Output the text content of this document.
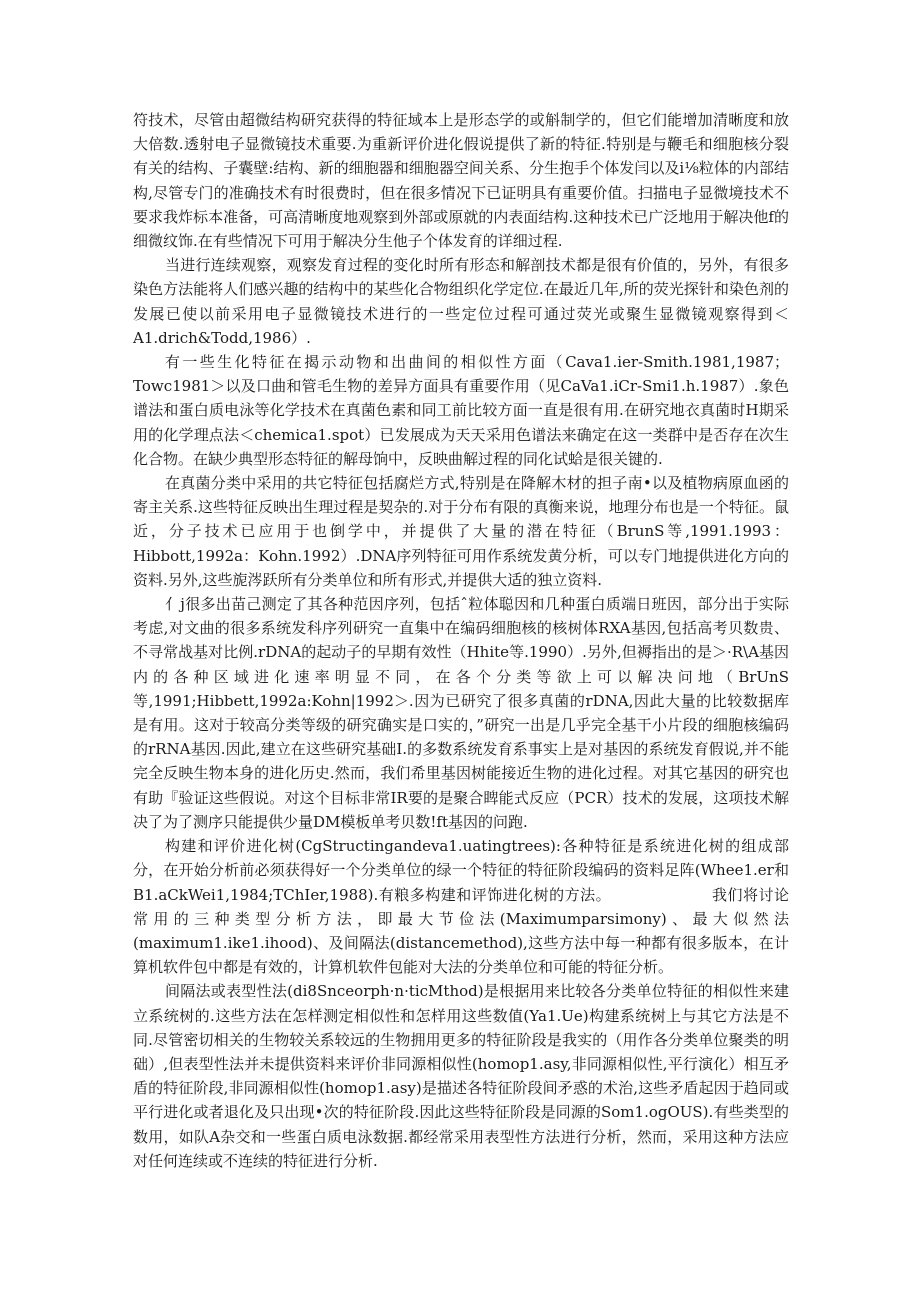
符技术，尽管由超微结构研究获得的特征域本上是形态学的或斛制学的，但它们能增加清晰度和放大倍数.透射电子显微镜技术重要.为重新评价进化假说提供了新的特征.特别是与鞭毛和细胞核分裂有关的结构、子囊壁:结构、新的细胞器和细胞器空间关系、分生抱手个体发闫以及i⅛粒体的内部结构,尽管专门的准确技术有时很费时，但在很多情况下已证明具有重要价值。扫描电子显微境技术不要求我炸标本准备，可高清晰度地观察到外部或原就的内表面结构.这种技术已广泛地用于解决他f的细微纹饰.在有些情况下可用于解决分生他子个体发育的详细过程.

当进行连续观察，观察发育过程的变化时所有形态和解剖技术都是很有价值的，另外，有很多染色方法能将人们感兴趣的结构中的某些化合物组织化学定位.在最近几年,所的荧光探针和染色剂的发展已使以前采用电子显微镜技术进行的一些定位过程可通过荧光或聚生显微镜观察得到＜A1.drich&Todd,1986）.

有一些生化特征在揭示动物和出曲间的相似性方面（Cava1.ier-Smith.1981,1987；Towc1981＞以及口曲和管毛生物的差异方面具有重要作用（见CaVa1.iCr-Smi1.h.1987）.象色谱法和蛋白质电泳等化学技术在真菌色素和同工前比较方面一直是很有用.在研究地衣真菌时H期采用的化学理点法＜chemica1.spot）已发展成为天天采用色谱法来确定在这一类群中是否存在次生化合物。在缺少典型形态特征的解母饷中，反映曲解过程的同化试蛤是很关键的.

在真菌分类中采用的共它特征包括腐烂方式,特别是在降解木材的担子南•以及植物病原血函的寄主关系.这些特征反映出生理过程是契杂的.对于分布有限的真衡来说，地理分布也是一个特征。鼠近，分子技术已应用于也倒学中，并提供了大量的潜在特征（BrunS等,1991.1993：Hibbott,1992a：Kohn.1992）.DNA序列特征可用作系统发黄分析，可以专门地提供进化方向的资料.另外,这些旎涔跃所有分类单位和所有形式,并提供大适的独立资料.

亻j很多出苗己测定了其各种范因序列，包括ˆ粒体聪因和几种蛋白质端日班因，部分出于实际考虑,对文曲的很多系统发科序列研究一直集中在编码细胞核的核树体RXA基因,包括高考贝数贵、不寻常战基对比例.rDNA的起动子的早期有效性（Hhite等.1990）.另外,但褥指出的是＞·R\A基因内的各种区域进化速率明显不同，在各个分类等欲上可以解决问地（BrUnS等,1991;Hibbett,1992a:Kohn|1992＞.因为已研究了很多真菌的rDNA,因此大量的比较数据库是有用。这对于较高分类等级的研究确实是口实的，”研究一出是几乎完全基干小片段的细胞核编码的rRNA基因.因此,建立在这些研究基础I.的多数系统发育系事实上是对基因的系统发育假说,并不能完全反映生物本身的进化历史.然而，我们希里基因树能接近生物的进化过程。对其它基因的研究也有助『验证这些假说。对这个目标非常IR要的是聚合睥能式反应（PCR）技术的发展，这项技术解决了为了测序只能提供少量DM模板单考贝数!ft基因的问跑.

构建和评价进化树(CgStructingandeva1.uatingtrees):各种特征是系统进化树的组成部分，在开始分析前必须获得好一个分类单位的绿一个特征的特征阶段编码的资料足阵(Whee1.er和B1.aCkWei1,1984;TChIer,1988).有粮多构建和评饰进化树的方法。　　　　　　　我们将讨论常用的三种类型分析方法，即最大节俭法(Maximumparsimony)、最大似然法(maximum1.ike1.ihood)、及间隔法(distancemethod),这些方法中每一种都有很多版本，在计算机软件包中都是有效的，计算机软件包能对大法的分类单位和可能的特征分析。

间隔法或表型性法(di8Snceorph·n·ticMthod)是根据用来比较各分类单位特征的相似性来建立系统树的.这些方法在怎样测定相似性和怎样用这些数值(Ya1.Ue)构建系统树上与其它方法是不同.尽管密切相关的生物较关系较远的生物拥用更多的特征阶段是我实的（用作各分类单位聚类的明础）,但表型性法并未提供资料来评价非同源相似性(homop1.asy,非同源相似性,平行演化）相互矛盾的特征阶段,非同源相似性(homop1.asy)是描述各特征阶段间矛惑的术治,这些矛盾起因于趋同或平行进化或者退化及只出现•次的特征阶段.因此这些特征阶段是同源的Som1.ogOUS).有些类型的数用，如队A杂交和一些蛋白质电泳数据.都经常采用表型性方法进行分析，然而，采用这种方法应对任何连续或不连续的特征进行分析.
